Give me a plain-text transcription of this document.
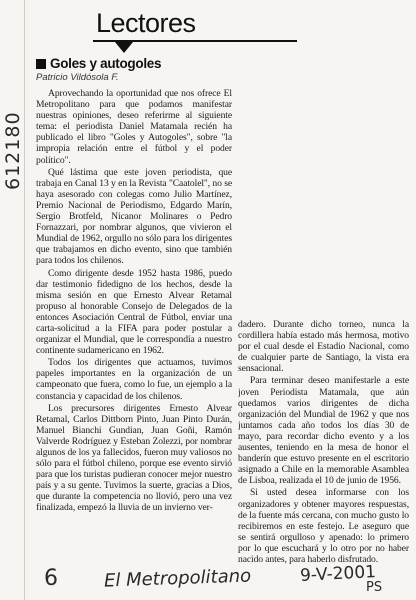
Lectores
Goles y autogoles
Patricio Vildósola F.

Aprovechando la oportunidad que nos ofrece El Metropolitano para que podamos manifestar nuestras opiniones, deseo referirme al siguiente tema: el periodista Daniel Matamala recién ha publicado el libro "Goles y Autogoles", sobre "la impropia relación entre el fútbol y el poder político".

Qué lástima que este joven periodista, que trabaja en Canal 13 y en la Revista "Caatolel", no se haya asesorado con colegas como Julio Martínez, Premio Nacional de Periodismo, Edgardo Marín, Sergio Brotfeld, Nicanor Molinares o Pedro Fornazzari, por nombrar algunos, que vivieron el Mundial de 1962, orgullo no sólo para los dirigentes que trabajamos en dicho evento, sino que también para todos los chilenos.

Como dirigente desde 1952 hasta 1986, puedo dar testimonio fidedigno de los hechos, desde la misma sesión en que Ernesto Alvear Retamal propuso al honorable Consejo de Delegados de la entonces Asociación Central de Fútbol, enviar una carta-solicitud a la FIFA para poder postular a organizar el Mundial, que le correspondía a nuestro continente sudamericano en 1962.

Todos los dirigentes que actuamos, tuvimos papeles importantes en la organización de un campeonato que fuera, como lo fue, un ejemplo a la constancia y capacidad de los chilenos.

Los precursores dirigentes Ernesto Alvear Retamal, Carlos Dittborn Pinto, Juan Pinto Durán, Manuel Bianchi Gundian, Juan Goñi, Ramón Valverde Rodríguez y Esteban Zolezzi, por nombrar algunos de los ya fallecidos, fueron muy valiosos no sólo para el fútbol chileno, porque ese evento sirvió para que los turistas pudieran conocer mejor nuestro país y a su gente. Tuvimos la suerte, gracias a Dios, que durante la competencia no llovió, pero una vez finalizada, empezó la lluvia de un invierno ver-

dadero. Durante dicho torneo, nunca la cordillera había estado más hermosa, motivo por el cual desde el Estadio Nacional, como de cualquier parte de Santiago, la vista era sensacional.

Para terminar deseo manifestarle a este joven Periodista Matamala, que aún quedamos varios dirigentes de dicha organización del Mundial de 1962 y que nos juntamos cada año todos los días 30 de mayo, para recordar dicho evento y a los ausentes, teniendo en la mesa de honor el banderín que estuvo presente en el escritorio asignado a Chile en la memorable Asamblea de Lisboa, realizada el 10 de junio de 1956.

Si usted desea informarse con los organizadores y obtener mayores respuestas, de la fuente más cercana, con mucho gusto lo recibiremos en este festejo. Le aseguro que se sentirá orgulloso y apenado: lo primero por lo que escuchará y lo otro por no haber nacido antes, para haberlo disfrutado.

612180
6	El Metropolitano	9-V-2001
PS
